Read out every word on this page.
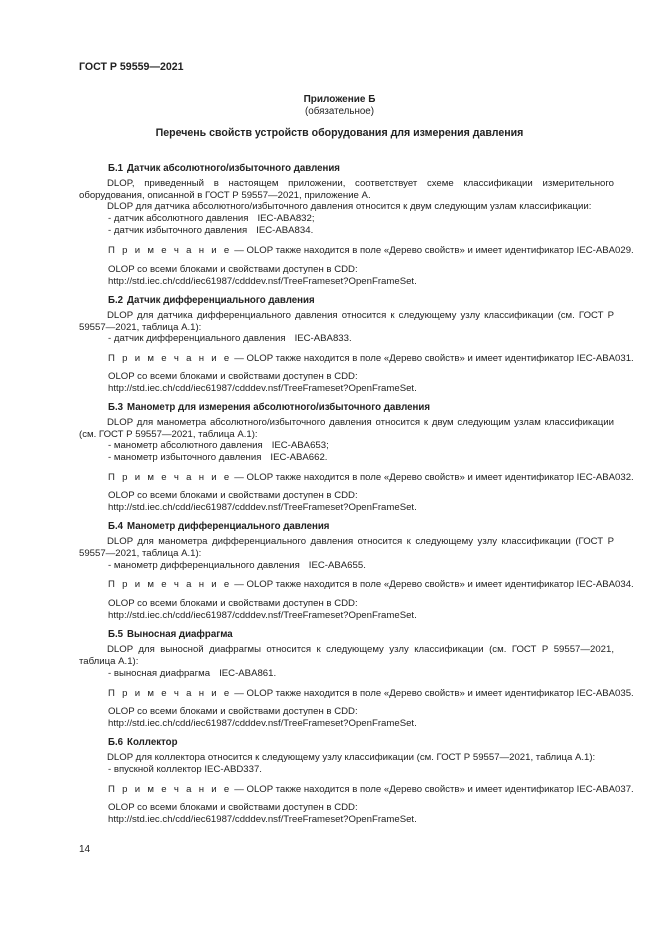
ГОСТ Р 59559—2021
Приложение Б
(обязательное)
Перечень свойств устройств оборудования для измерения давления
Б.1 Датчик абсолютного/избыточного давления
DLOP, приведенный в настоящем приложении, соответствует схеме классификации измерительного оборудования, описанной в ГОСТ Р 59557—2021, приложение А.
DLOP для датчика абсолютного/избыточного давления относится к двум следующим узлам классификации:
- датчик абсолютного давления IEC-ABA832;
- датчик избыточного давления IEC-ABA834.
П р и м е ч а н и е — OLOP также находится в поле «Дерево свойств» и имеет идентификатор IEC-ABA029.
OLOP со всеми блоками и свойствами доступен в CDD:
http://std.iec.ch/cdd/iec61987/cdddev.nsf/TreeFrameset?OpenFrameSet.
Б.2 Датчик дифференциального давления
DLOP для датчика дифференциального давления относится к следующему узлу классификации (см. ГОСТ Р 59557—2021, таблица А.1):
- датчик дифференциального давления IEC-ABA833.
П р и м е ч а н и е — OLOP также находится в поле «Дерево свойств» и имеет идентификатор IEC-ABA031.
OLOP со всеми блоками и свойствами доступен в CDD:
http://std.iec.ch/cdd/iec61987/cdddev.nsf/TreeFrameset?OpenFrameSet.
Б.3 Манометр для измерения абсолютного/избыточного давления
DLOP для манометра абсолютного/избыточного давления относится к двум следующим узлам классификации (см. ГОСТ Р 59557—2021, таблица А.1):
- манометр абсолютного давления IEC-ABA653;
- манометр избыточного давления IEC-ABA662.
П р и м е ч а н и е — OLOP также находится в поле «Дерево свойств» и имеет идентификатор IEC-ABA032.
OLOP со всеми блоками и свойствами доступен в CDD:
http://std.iec.ch/cdd/iec61987/cdddev.nsf/TreeFrameset?OpenFrameSet.
Б.4 Манометр дифференциального давления
DLOP для манометра дифференциального давления относится к следующему узлу классификации (ГОСТ Р 59557—2021, таблица А.1):
- манометр дифференциального давления IEC-ABA655.
П р и м е ч а н и е — OLOP также находится в поле «Дерево свойств» и имеет идентификатор IEC-ABA034.
OLOP со всеми блоками и свойствами доступен в CDD:
http://std.iec.ch/cdd/iec61987/cdddev.nsf/TreeFrameset?OpenFrameSet.
Б.5 Выносная диафрагма
DLOP для выносной диафрагмы относится к следующему узлу классификации (см. ГОСТ Р 59557—2021, таблица А.1):
- выносная диафрагма IEC-ABA861.
П р и м е ч а н и е — OLOP также находится в поле «Дерево свойств» и имеет идентификатор IEC-ABA035.
OLOP со всеми блоками и свойствами доступен в CDD:
http://std.iec.ch/cdd/iec61987/cdddev.nsf/TreeFrameset?OpenFrameSet.
Б.6 Коллектор
DLOP для коллектора относится к следующему узлу классификации (см. ГОСТ Р 59557—2021, таблица А.1):
- впускной коллектор IEC-ABD337.
П р и м е ч а н и е — OLOP также находится в поле «Дерево свойств» и имеет идентификатор IEC-ABA037.
OLOP со всеми блоками и свойствами доступен в CDD:
http://std.iec.ch/cdd/iec61987/cdddev.nsf/TreeFrameset?OpenFrameSet.
14
